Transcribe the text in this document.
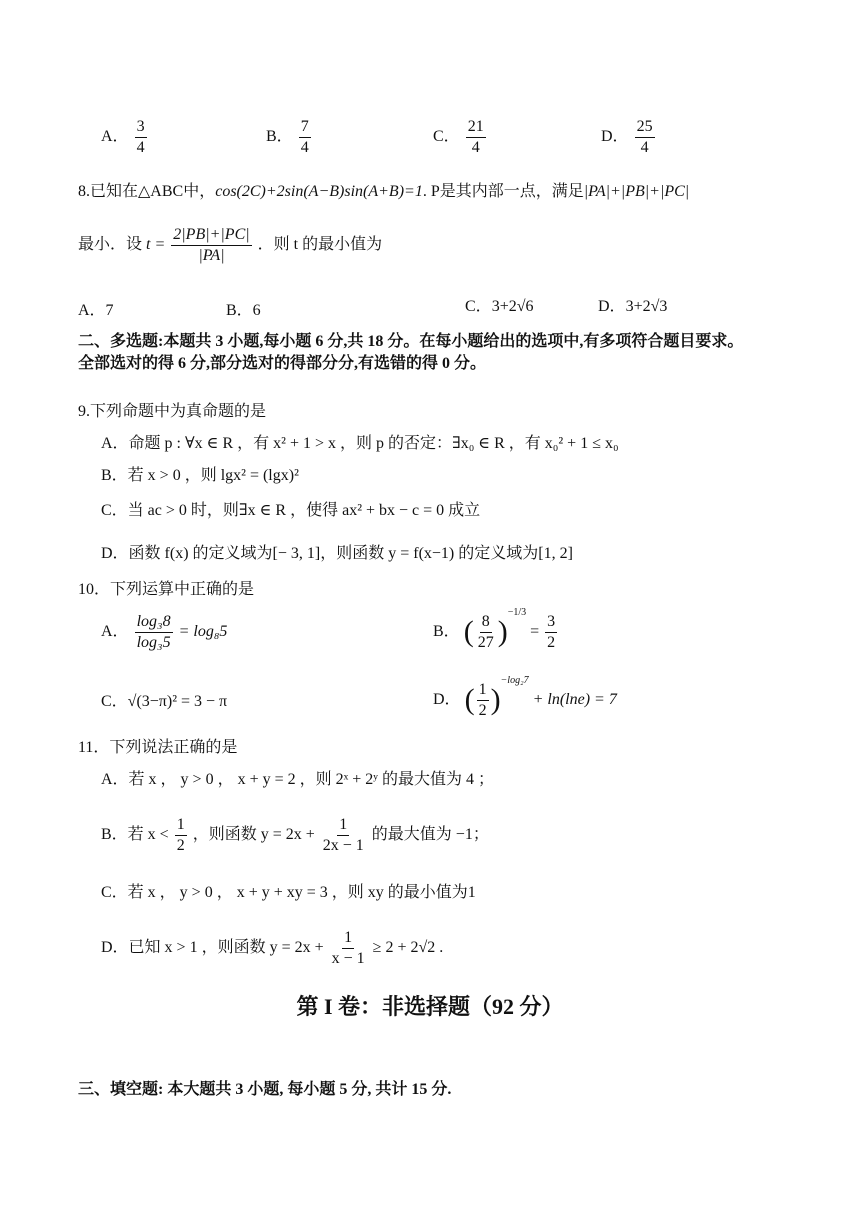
A． $\frac{3}{4}$	B． $\frac{7}{4}$	C． $\frac{21}{4}$	D． $\frac{25}{4}$
8.已知在△ABC中，cos(2C)+2sin(A−B)sin(A+B)=1. P是其内部一点，满足|PA|+|PB|+|PC|
最小．设 $t = \frac{2|PB|+|PC|}{|PA|}$ ．则 t 的最小值为
A．7	B．6	C．3+2√6	D．3+2√3
二、多选题:本题共 3 小题,每小题 6 分,共 18 分。在每小题给出的选项中,有多项符合题目要求。
全部选对的得 6 分,部分选对的得部分分,有选错的得 0 分。
9.下列命题中为真命题的是
A．命题 p : ∀x ∈ R ，有 x² + 1 > x ，则 p 的否定：∃x₀ ∈ R ，有 x₀² + 1 ≤ x₀
B．若 x > 0 ，则 lgx² = (lgx)²
C．当 ac > 0 时，则∃x ∈ R ，使得 ax² + bx − c = 0 成立
D．函数 f(x) 的定义域为[− 3, 1]，则函数 y = f(x−1) 的定义域为[1, 2]
10．下列运算中正确的是
A． $\frac{\text{log₃8}}{\text{log₃5}} = \log_85$	B． ( $\frac{8}{27} )^{-1/3} = \frac{3}{2}$
C．√(3−π)² = 3 − π	D． ( $\frac{1}{2} )^{-log_27} + \ln(\ln e) = 7$
11．下列说法正确的是
A．若 x ， y > 0 ， x + y = 2 ，则 2ˣ + 2ʸ 的最大值为 4 ；
B．若 $x < \frac{1}{2}$ ，则函数 $y = 2x + \frac{1}{2x - 1}$ 的最大值为 −1；
C．若 x ， y > 0 ， x + y + xy = 3 ，则 xy 的最小值为1
D．已知 x > 1 ，则函数 $y = 2x + \frac{1}{x - 1} \ge 2 + 2√2$ .
第 I 卷：非选择题（92 分）
三、填空题: 本大题共 3 小题, 每小题 5 分, 共计 15 分.
